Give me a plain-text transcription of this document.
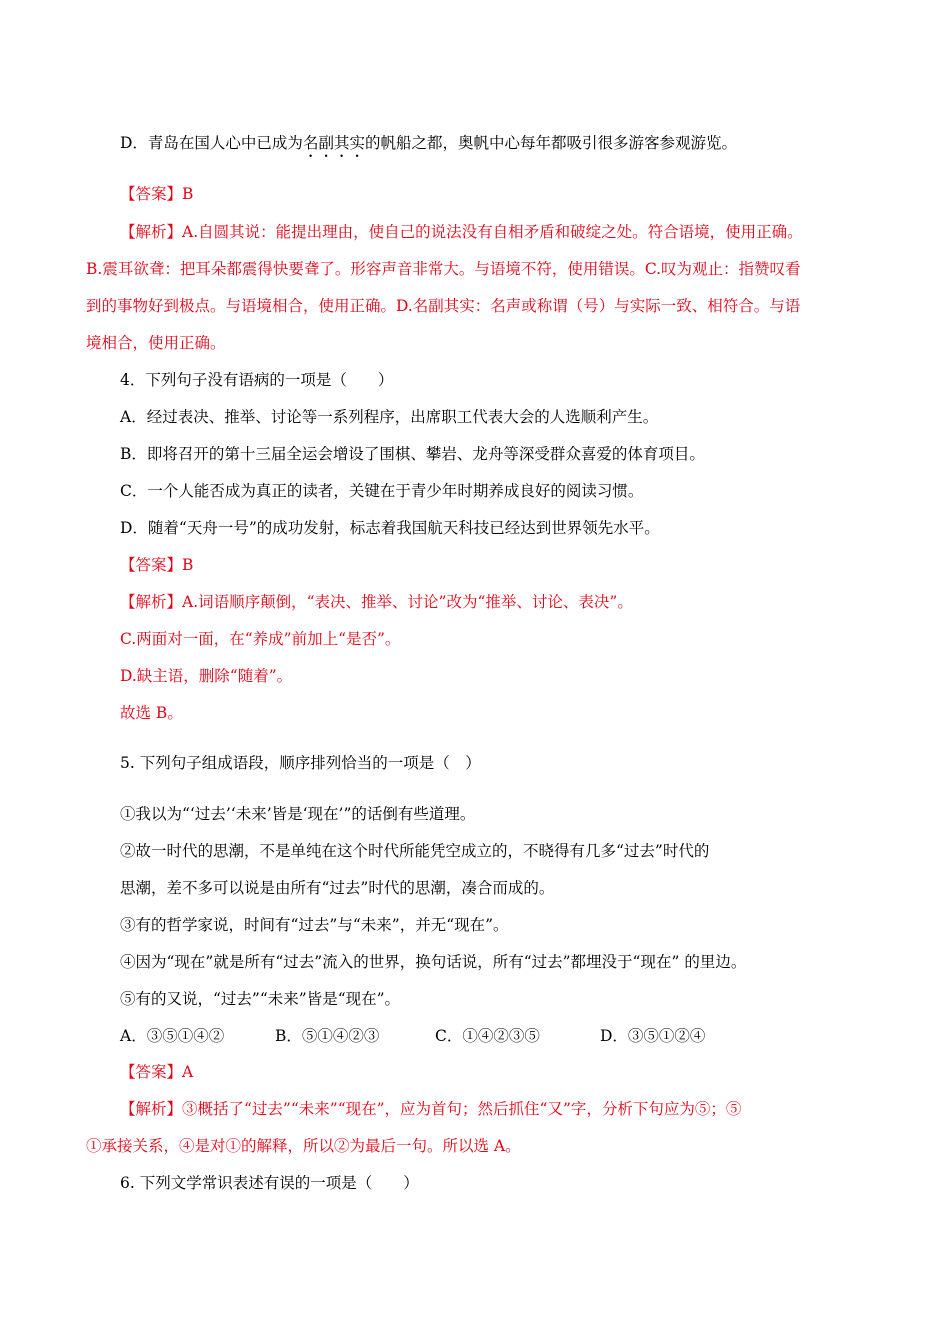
D．青岛在国人心中已成为名副其实的帆船之都，奥帆中心每年都吸引很多游客参观游览。
【答案】B
【解析】A.自圆其说：能提出理由，使自己的说法没有自相矛盾和破绽之处。符合语境，使用正确。
B.震耳欲聋：把耳朵都震得快要聋了。形容声音非常大。与语境不符，使用错误。C.叹为观止：指赞叹看
到的事物好到极点。与语境相合，使用正确。D.名副其实：名声或称谓（号）与实际一致、相符合。与语
境相合，使用正确。
4．下列句子没有语病的一项是（　　）
A．经过表决、推举、讨论等一系列程序，出席职工代表大会的人选顺利产生。
B．即将召开的第十三届全运会增设了围棋、攀岩、龙舟等深受群众喜爱的体育项目。
C．一个人能否成为真正的读者，关键在于青少年时期养成良好的阅读习惯。
D．随着“天舟一号”的成功发射，标志着我国航天科技已经达到世界领先水平。
【答案】B
【解析】A.词语顺序颠倒，“表决、推举、讨论”改为“推举、讨论、表决”。
C.两面对一面，在“养成”前加上“是否”。
D.缺主语，删除“随着”。
故选 B。
5. 下列句子组成语段，顺序排列恰当的一项是（　）
①我以为“‘过去’‘未来’皆是‘现在’”的话倒有些道理。
②故一时代的思潮，不是单纯在这个时代所能凭空成立的，不晓得有几多“过去”时代的
思潮，差不多可以说是由所有“过去”时代的思潮，凑合而成的。
③有的哲学家说，时间有“过去”与“未来”，并无“现在”。
④因为“现在”就是所有“过去”流入的世界，换句话说，所有“过去”都埋没于“现在” 的里边。
⑤有的又说，“过去”“未来”皆是“现在”。
A．③⑤①④②	B．⑤①④②③	C．①④②③⑤	D．③⑤①②④
【答案】A
【解析】③概括了“过去”“未来”“现在”，应为首句；然后抓住“又”字，分析下句应为⑤；⑤
①承接关系，④是对①的解释，所以②为最后一句。所以选 A。
6. 下列文学常识表述有误的一项是（　　）
